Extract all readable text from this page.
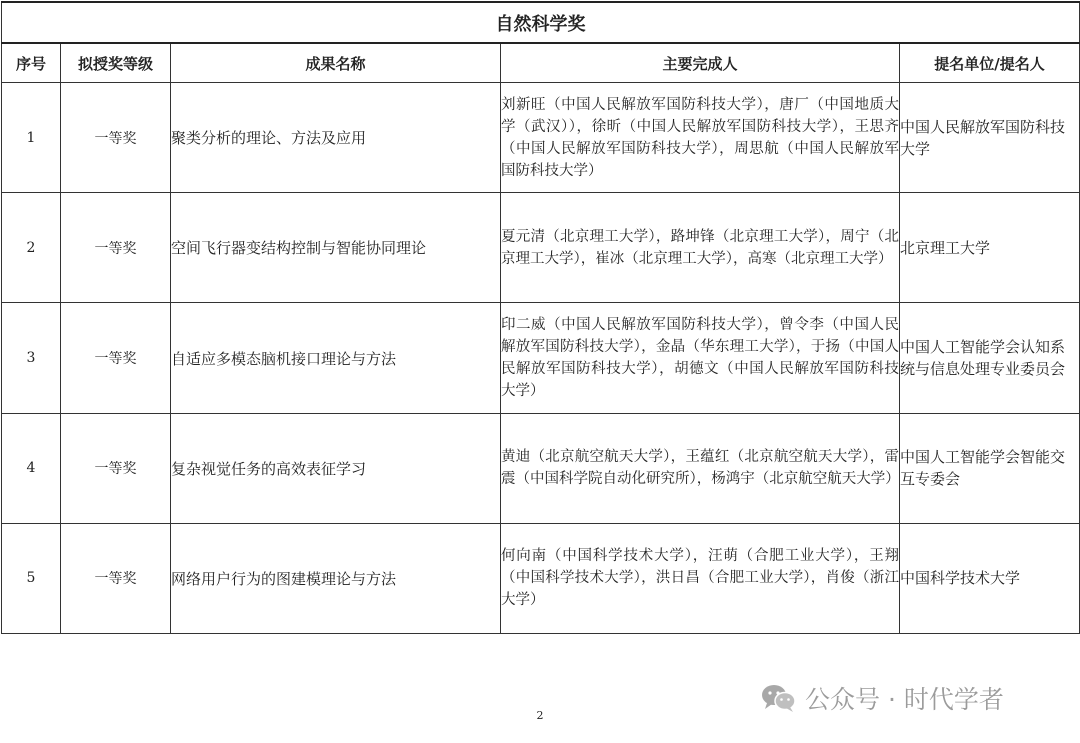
自然科学奖				
序号	拟授奖等级	成果名称	主要完成人	提名单位/提名人
1	一等奖	聚类分析的理论、方法及应用	刘新旺（中国人民解放军国防科技大学），唐厂（中国地质大学（武汉）），徐昕（中国人民解放军国防科技大学），王思齐（中国人民解放军国防科技大学），周思航（中国人民解放军国防科技大学）	中国人民解放军国防科技大学
2	一等奖	空间飞行器变结构控制与智能协同理论	夏元清（北京理工大学），路坤锋（北京理工大学），周宁（北京理工大学），崔冰（北京理工大学），高寒（北京理工大学）	北京理工大学
3	一等奖	自适应多模态脑机接口理论与方法	印二威（中国人民解放军国防科技大学），曾令李（中国人民解放军国防科技大学），金晶（华东理工大学），于扬（中国人民解放军国防科技大学），胡德文（中国人民解放军国防科技大学）	中国人工智能学会认知系统与信息处理专业委员会
4	一等奖	复杂视觉任务的高效表征学习	黄迪（北京航空航天大学），王蕴红（北京航空航天大学），雷震（中国科学院自动化研究所），杨鸿宇（北京航空航天大学）	中国人工智能学会智能交互专委会
5	一等奖	网络用户行为的图建模理论与方法	何向南（中国科学技术大学），汪萌（合肥工业大学），王翔（中国科学技术大学），洪日昌（合肥工业大学），肖俊（浙江大学）	中国科学技术大学
2
公众号 · 时代学者
